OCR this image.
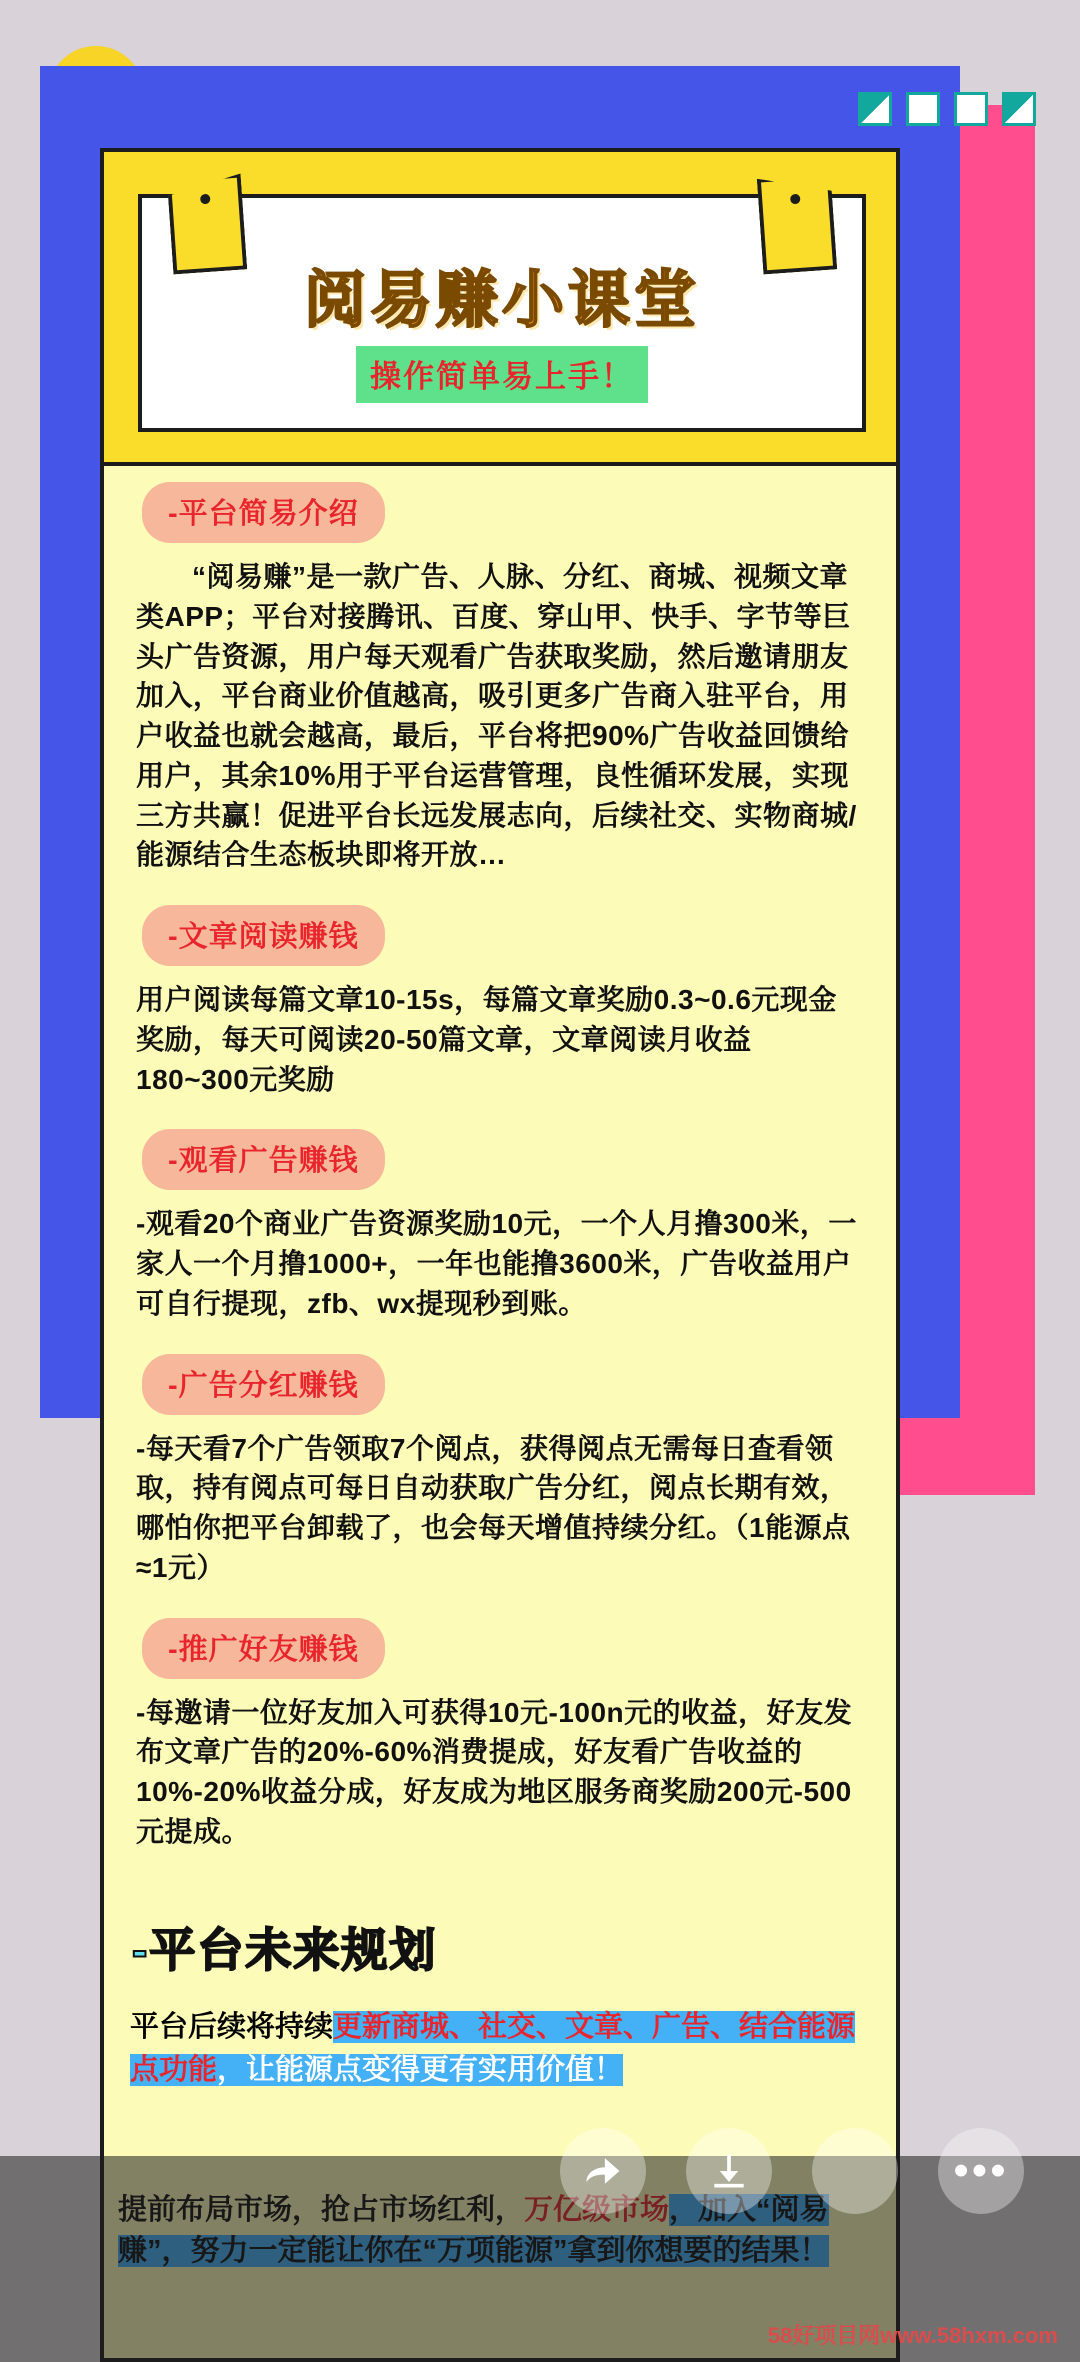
阅易赚小课堂
操作简单易上手！
-平台简易介绍

“阅易赚”是一款广告、人脉、分红、商城、视频文章类APP；平台对接腾讯、百度、穿山甲、快手、字节等巨头广告资源，用户每天观看广告获取奖励，然后邀请朋友加入，平台商业价值越高，吸引更多广告商入驻平台，用户收益也就会越高，最后，平台将把90%广告收益回馈给用户，其余10%用于平台运营管理，良性循环发展，实现三方共赢！促进平台长远发展志向，后续社交、实物商城/能源结合生态板块即将开放…

-文章阅读赚钱

用户阅读每篇文章10-15s，每篇文章奖励0.3~0.6元现金奖励，每天可阅读20-50篇文章，文章阅读月收益180~300元奖励

-观看广告赚钱

-观看20个商业广告资源奖励10元，一个人月撸300米，一家人一个月撸1000+，一年也能撸3600米，广告收益用户可自行提现，zfb、wx提现秒到账。

-广告分红赚钱

-每天看7个广告领取7个阅点，获得阅点无需每日查看领取，持有阅点可每日自动获取广告分红，阅点长期有效，哪怕你把平台卸载了，也会每天增值持续分红。（1能源点≈1元）

-推广好友赚钱

-每邀请一位好友加入可获得10元-100n元的收益，好友发布文章广告的20%-60%消费提成，好友看广告收益的10%-20%收益分成，好友成为地区服务商奖励200元-500元提成。

-平台未来规划

平台后续将持续更新商城、社交、文章、广告、结合能源点功能，让能源点变得更有实用价值！

•••
58好项目网www.58hxm.com
